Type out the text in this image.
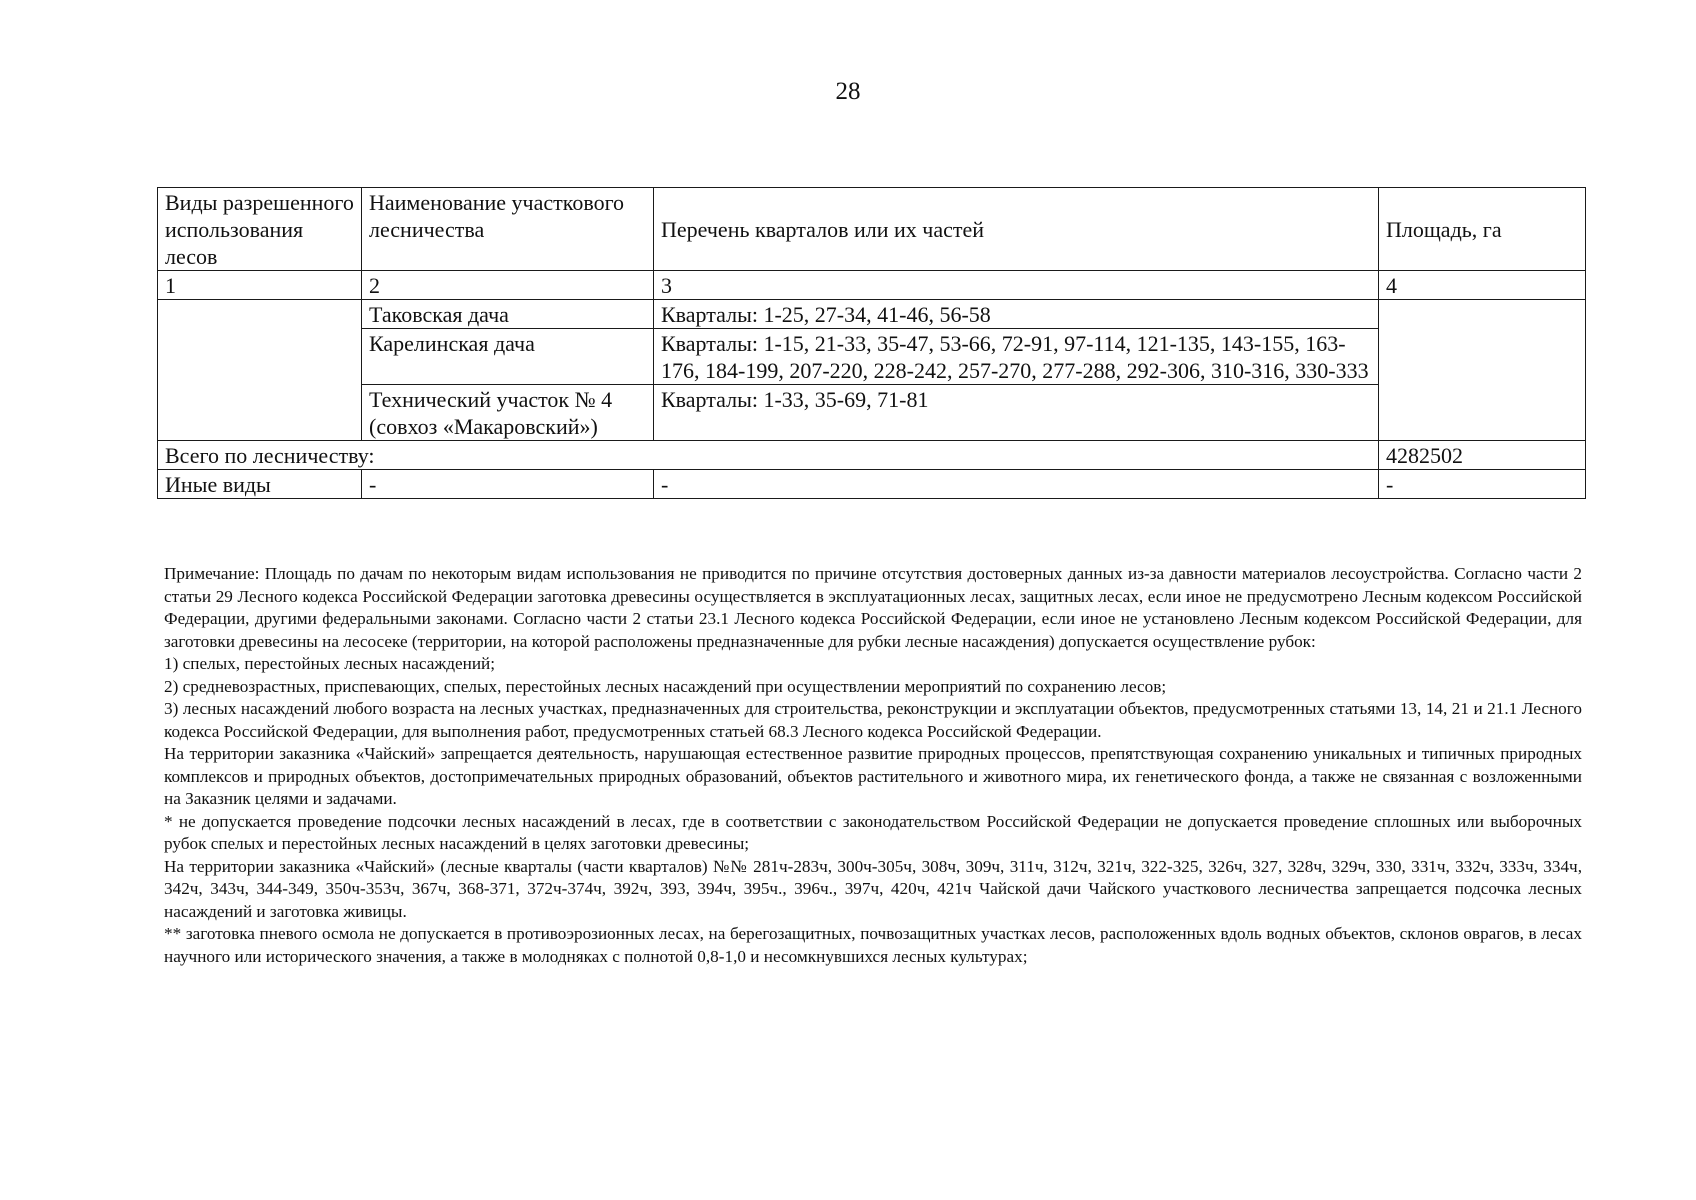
28
Виды разрешенного использования лесов	Наименование участкового лесничества	Перечень кварталов или их частей	Площадь, га
1	2	3	4
	Таковская дача	Кварталы: 1-25, 27-34, 41-46, 56-58	
	Карелинская дача	Кварталы: 1-15, 21-33, 35-47, 53-66, 72-91, 97-114, 121-135, 143-155, 163-176, 184-199, 207-220, 228-242, 257-270, 277-288, 292-306, 310-316, 330-333	
	Технический участок № 4 (совхоз «Макаровский»)	Кварталы: 1-33, 35-69, 71-81	
Всего по лесничеству:			4282502
Иные виды	-	-	-

Примечание: Площадь по дачам по некоторым видам использования не приводится по причине отсутствия достоверных данных из-за давности материалов лесоустройства. Согласно части 2 статьи 29 Лесного кодекса Российской Федерации заготовка древесины осуществляется в эксплуатационных лесах, защитных лесах, если иное не предусмотрено Лесным кодексом Российской Федерации, другими федеральными законами. Согласно части 2 статьи 23.1 Лесного кодекса Российской Федерации, если иное не установлено Лесным кодексом Российской Федерации, для заготовки древесины на лесосеке (территории, на которой расположены предназначенные для рубки лесные насаждения) допускается осуществление рубок:

1) спелых, перестойных лесных насаждений;

2) средневозрастных, приспевающих, спелых, перестойных лесных насаждений при осуществлении мероприятий по сохранению лесов;

3) лесных насаждений любого возраста на лесных участках, предназначенных для строительства, реконструкции и эксплуатации объектов, предусмотренных статьями 13, 14, 21 и 21.1 Лесного кодекса Российской Федерации, для выполнения работ, предусмотренных статьей 68.3 Лесного кодекса Российской Федерации.

На территории заказника «Чайский» запрещается деятельность, нарушающая естественное развитие природных процессов, препятствующая сохранению уникальных и типичных природных комплексов и природных объектов, достопримечательных природных образований, объектов растительного и животного мира, их генетического фонда, а также не связанная с возложенными на Заказник целями и задачами.

* не допускается проведение подсочки лесных насаждений в лесах, где в соответствии с законодательством Российской Федерации не допускается проведение сплошных или выборочных рубок спелых и перестойных лесных насаждений в целях заготовки древесины;

На территории заказника «Чайский» (лесные кварталы (части кварталов) №№ 281ч-283ч, 300ч-305ч, 308ч, 309ч, 311ч, 312ч, 321ч, 322-325, 326ч, 327, 328ч, 329ч, 330, 331ч, 332ч, 333ч, 334ч, 342ч, 343ч, 344-349, 350ч-353ч, 367ч, 368-371, 372ч-374ч, 392ч, 393, 394ч, 395ч., 396ч., 397ч, 420ч, 421ч Чайской дачи Чайского участкового лесничества запрещается подсочка лесных насаждений и заготовка живицы.

** заготовка пневого осмола не допускается в противоэрозионных лесах, на берегозащитных, почвозащитных участках лесов, расположенных вдоль водных объектов, склонов оврагов, в лесах научного или исторического значения, а также в молодняках с полнотой 0,8-1,0 и несомкнувшихся лесных культурах;
